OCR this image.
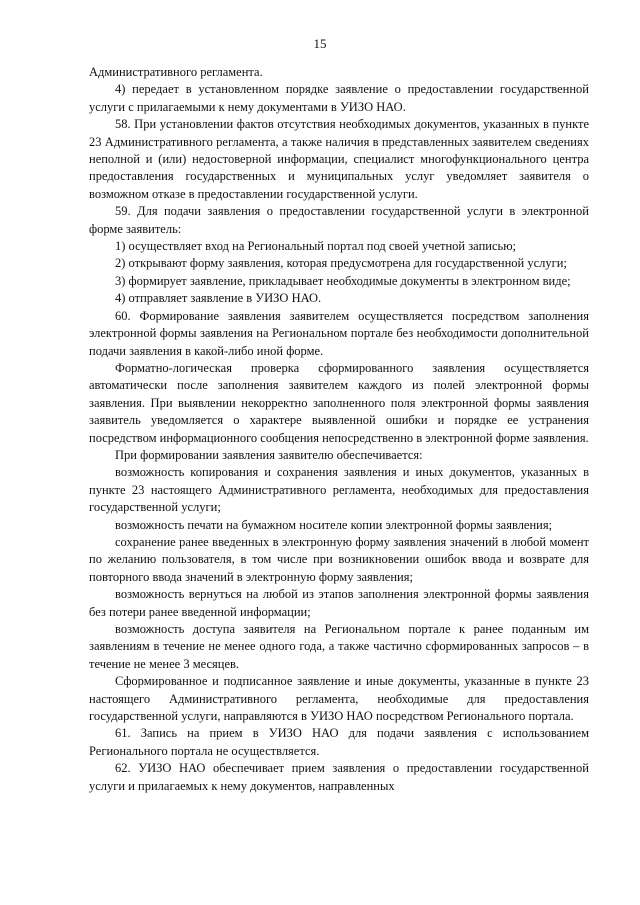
15

Административного регламента.

4) передает в установленном порядке заявление о предоставлении государственной услуги с прилагаемыми к нему документами в УИЗО НАО.

58. При установлении фактов отсутствия необходимых документов, указанных в пункте 23 Административного регламента, а также наличия в представленных заявителем сведениях неполной и (или) недостоверной информации, специалист многофункционального центра предоставления государственных и муниципальных услуг уведомляет заявителя о возможном отказе в предоставлении государственной услуги.

59. Для подачи заявления о предоставлении государственной услуги в электронной форме заявитель:

1) осуществляет вход на Региональный портал под своей учетной записью;

2) открывают форму заявления, которая предусмотрена для государственной услуги;

3) формирует заявление, прикладывает необходимые документы в электронном виде;

4) отправляет заявление в УИЗО НАО.

60. Формирование заявления заявителем осуществляется посредством заполнения электронной формы заявления на Региональном портале без необходимости дополнительной подачи заявления в какой-либо иной форме.

Форматно-логическая проверка сформированного заявления осуществляется автоматически после заполнения заявителем каждого из полей электронной формы заявления. При выявлении некорректно заполненного поля электронной формы заявления заявитель уведомляется о характере выявленной ошибки и порядке ее устранения посредством информационного сообщения непосредственно в электронной форме заявления.

При формировании заявления заявителю обеспечивается:

возможность копирования и сохранения заявления и иных документов, указанных в пункте 23 настоящего Административного регламента, необходимых для предоставления государственной услуги;

возможность печати на бумажном носителе копии электронной формы заявления;

сохранение ранее введенных в электронную форму заявления значений в любой момент по желанию пользователя, в том числе при возникновении ошибок ввода и возврате для повторного ввода значений в электронную форму заявления;

возможность вернуться на любой из этапов заполнения электронной формы заявления без потери ранее введенной информации;

возможность доступа заявителя на Региональном портале к ранее поданным им заявлениям в течение не менее одного года, а также частично сформированных запросов – в течение не менее 3 месяцев.

Сформированное и подписанное заявление и иные документы, указанные в пункте 23 настоящего Административного регламента, необходимые для предоставления государственной услуги, направляются в УИЗО НАО посредством Регионального портала.

61. Запись на прием в УИЗО НАО для подачи заявления с использованием Регионального портала не осуществляется.

62. УИЗО НАО обеспечивает прием заявления о предоставлении государственной услуги и прилагаемых к нему документов, направленных
